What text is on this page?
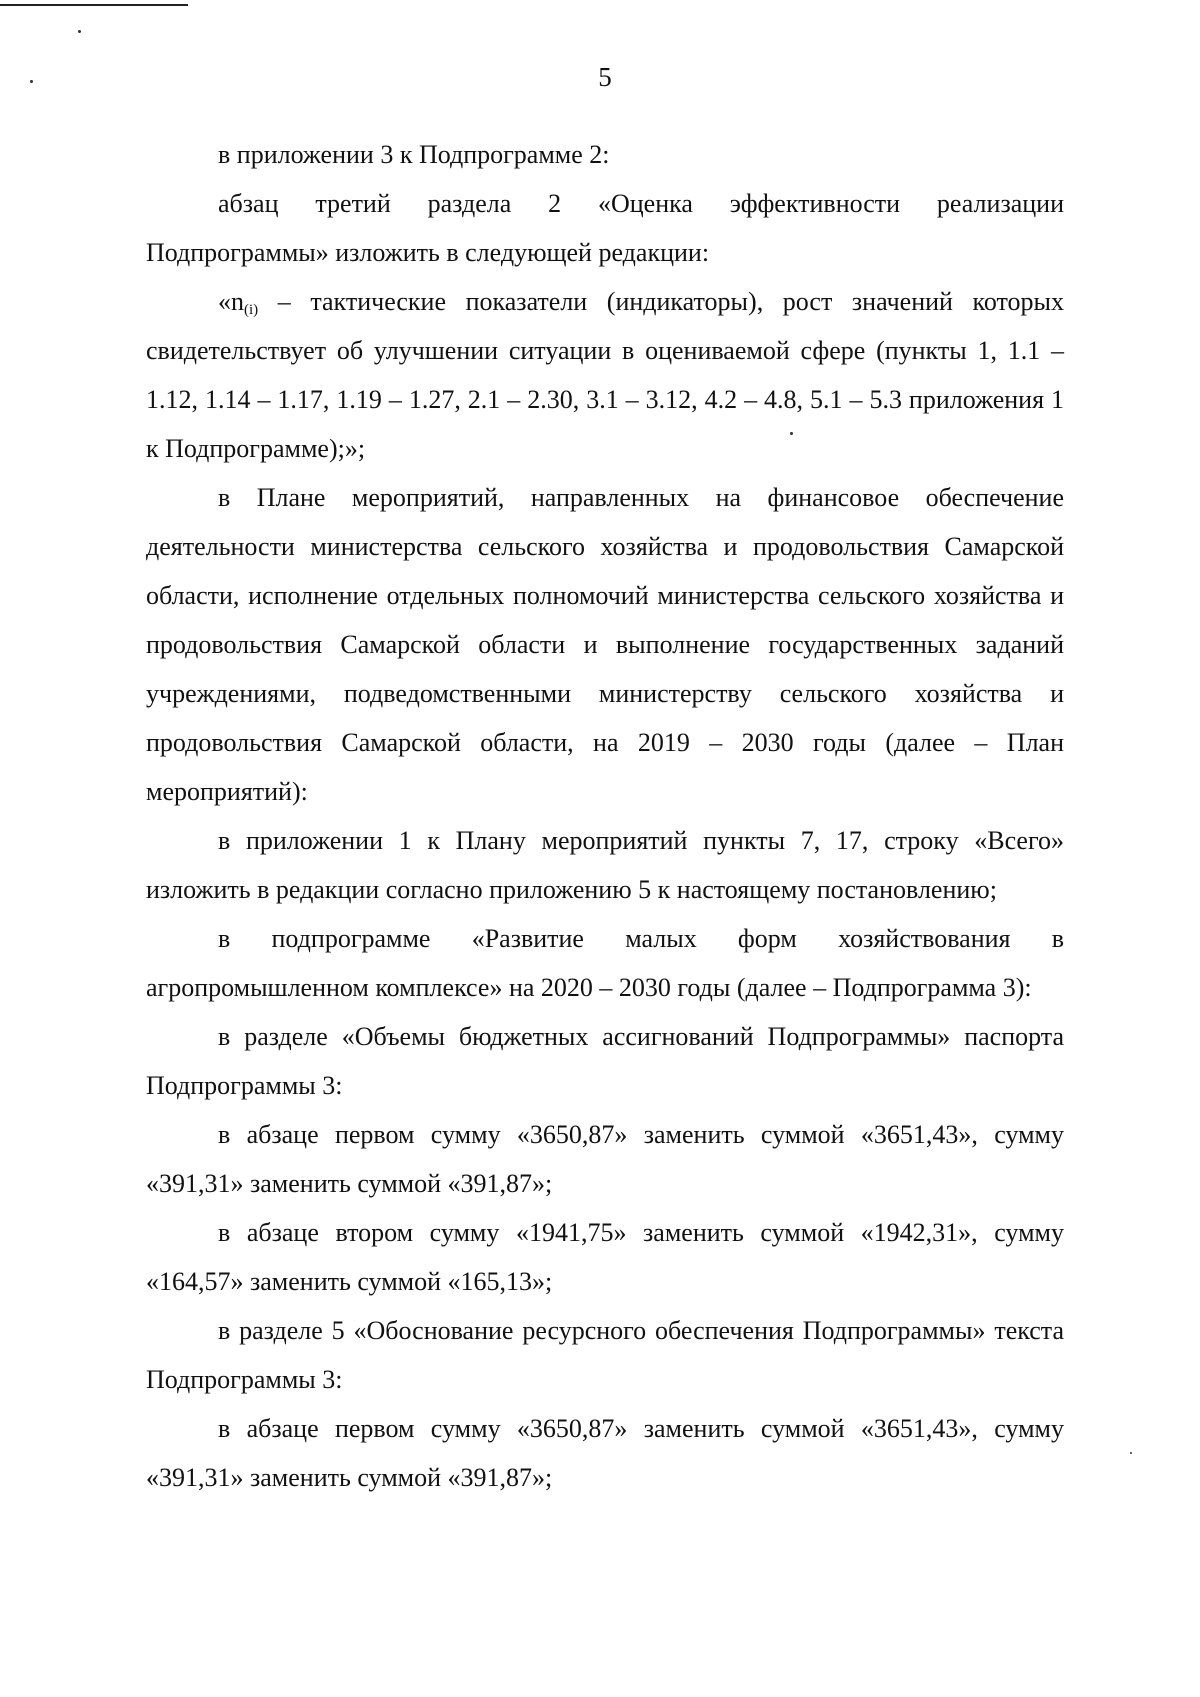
5

в приложении 3 к Подпрограмме 2:

абзац третий раздела 2 «Оценка эффективности реализации Подпрограммы» изложить в следующей редакции:

«$n_{(i)}$ – тактические показатели (индикаторы), рост значений которых свидетельствует об улучшении ситуации в оцениваемой сфере (пункты 1, 1.1 – 1.12, 1.14 – 1.17, 1.19 – 1.27, 2.1 – 2.30, 3.1 – 3.12, 4.2 – 4.8, 5.1 – 5.3 приложения 1 к Подпрограмме);»;

в Плане мероприятий, направленных на финансовое обеспечение деятельности министерства сельского хозяйства и продовольствия Самарской области, исполнение отдельных полномочий министерства сельского хозяйства и продовольствия Самарской области и выполнение государственных заданий учреждениями, подведомственными министерству сельского хозяйства и продовольствия Самарской области, на 2019 – 2030 годы (далее – План мероприятий):

в приложении 1 к Плану мероприятий пункты 7, 17, строку «Всего» изложить в редакции согласно приложению 5 к настоящему постановлению;

в подпрограмме «Развитие малых форм хозяйствования в агропромышленном комплексе» на 2020 – 2030 годы (далее – Подпрограмма 3):

в разделе «Объемы бюджетных ассигнований Подпрограммы» паспорта Подпрограммы 3:

в абзаце первом сумму «3650,87» заменить суммой «3651,43», сумму «391,31» заменить суммой «391,87»;

в абзаце втором сумму «1941,75» заменить суммой «1942,31», сумму «164,57» заменить суммой «165,13»;

в разделе 5 «Обоснование ресурсного обеспечения Подпрограммы» текста Подпрограммы 3:

в абзаце первом сумму «3650,87» заменить суммой «3651,43», сумму «391,31» заменить суммой «391,87»;
